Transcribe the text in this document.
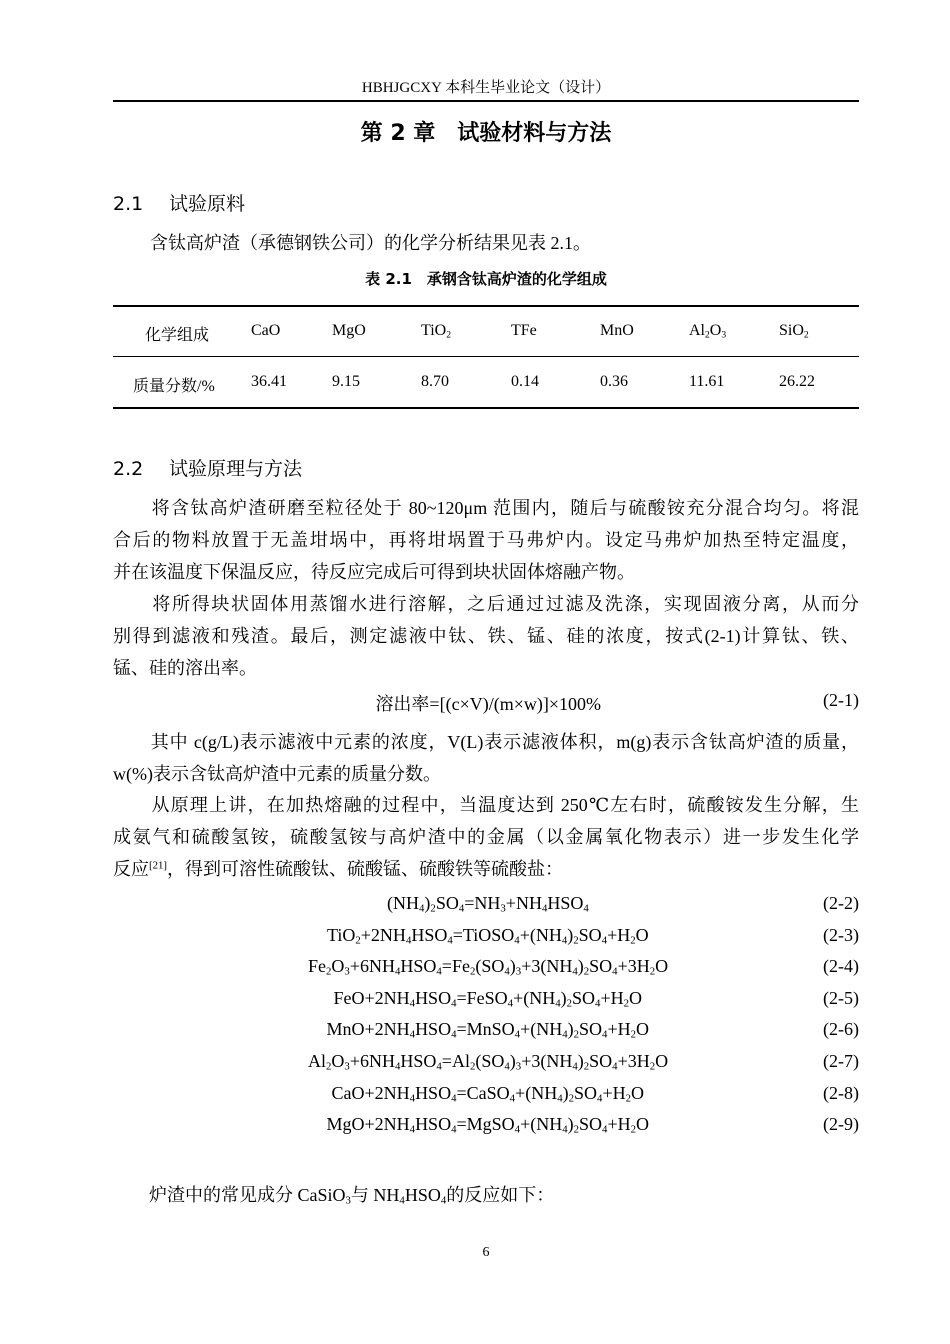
HBHJGCXY 本科生毕业论文（设计）
第 2 章　试验材料与方法
2.1 试验原料
含钛高炉渣（承德钢铁公司）的化学分析结果见表 2.1。
表 2.1　承钢含钛高炉渣的化学组成
化学组成	CaO	MgO	TiO$_2$	TFe	MnO	$Al_2O_3$	SiO$_2$
质量分数/% 36.41	9.15	8.70	0.14	0.36	11.61	26.22
2.2 试验原理与方法
　　将含钛高炉渣研磨至粒径处于 80~120μm 范围内，随后与硫酸铵充分混合均匀。将混
合后的物料放置于无盖坩埚中，再将坩埚置于马弗炉内。设定马弗炉加热至特定温度，
并在该温度下保温反应，待反应完成后可得到块状固体熔融产物。
　　将所得块状固体用蒸馏水进行溶解，之后通过过滤及洗涤，实现固液分离，从而分
别得到滤液和残渣。最后，测定滤液中钛、铁、锰、硅的浓度，按式(2-1)计算钛、铁、
锰、硅的溶出率。
溶出率=[(c×V)/(m×w)]×100%	(2-1)
　　其中 c(g/L)表示滤液中元素的浓度，V(L)表示滤液体积，m(g)表示含钛高炉渣的质量，
w(%)表示含钛高炉渣中元素的质量分数。
　　从原理上讲，在加热熔融的过程中，当温度达到 250℃左右时，硫酸铵发生分解，生
成氨气和硫酸氢铵，硫酸氢铵与高炉渣中的金属（以金属氧化物表示）进一步发生化学
反应[21]，得到可溶性硫酸钛、硫酸锰、硫酸铁等硫酸盐：
$(NH_4)_2SO_4=NH_3+NH_4HSO_4$	(2-2)
$TiO_2+2NH_4HSO_4=TiOSO_4+(NH_4)_2SO_4+H_2O$	(2-3)
$Fe_2O_3+6NH_4HSO_4=Fe_2(SO_4)_3+3(NH_4)_2SO_4+3H_2O$	(2-4)
$FeO+2NH_4HSO_4=FeSO_4+(NH_4)_2SO_4+H_2O$	(2-5)
$MnO+2NH_4HSO_4=MnSO_4+(NH_4)_2SO_4+H_2O$	(2-6)
$Al_2O_3+6NH_4HSO_4=Al_2(SO_4)_3+3(NH_4)_2SO_4+3H_2O$	(2-7)
$CaO+2NH_4HSO_4=CaSO_4+(NH_4)_2SO_4+H_2O$	(2-8)
$MgO+2NH_4HSO_4=MgSO_4+(NH_4)_2SO_4+H_2O$	(2-9)
　　炉渣中的常见成分 CaSiO$_3$与 $NH_4HSO_4$的反应如下：
6
